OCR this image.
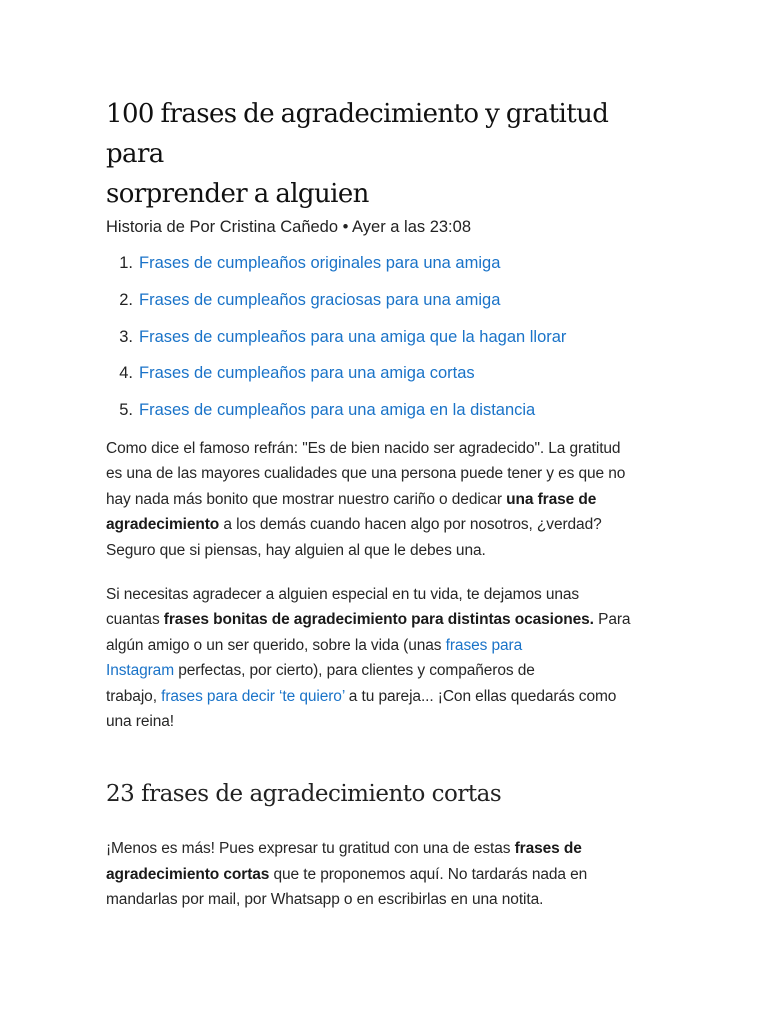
100 frases de agradecimiento y gratitud para
sorprender a alguien

Historia de Por Cristina Cañedo • Ayer a las 23:08

1. Frases de cumpleaños originales para una amiga
2. Frases de cumpleaños graciosas para una amiga
3. Frases de cumpleaños para una amiga que la hagan llorar
4. Frases de cumpleaños para una amiga cortas
5. Frases de cumpleaños para una amiga en la distancia

Como dice el famoso refrán: "Es de bien nacido ser agradecido". La gratitud
es una de las mayores cualidades que una persona puede tener y es que no
hay nada más bonito que mostrar nuestro cariño o dedicar una frase de
agradecimiento a los demás cuando hacen algo por nosotros, ¿verdad?
Seguro que si piensas, hay alguien al que le debes una.

Si necesitas agradecer a alguien especial en tu vida, te dejamos unas
cuantas frases bonitas de agradecimiento para distintas ocasiones. Para
algún amigo o un ser querido, sobre la vida (unas frases para
Instagram perfectas, por cierto), para clientes y compañeros de
trabajo, frases para decir ‘te quiero’ a tu pareja... ¡Con ellas quedarás como
una reina!

23 frases de agradecimiento cortas

¡Menos es más! Pues expresar tu gratitud con una de estas frases de
agradecimiento cortas que te proponemos aquí. No tardarás nada en
mandarlas por mail, por Whatsapp o en escribirlas en una notita.
